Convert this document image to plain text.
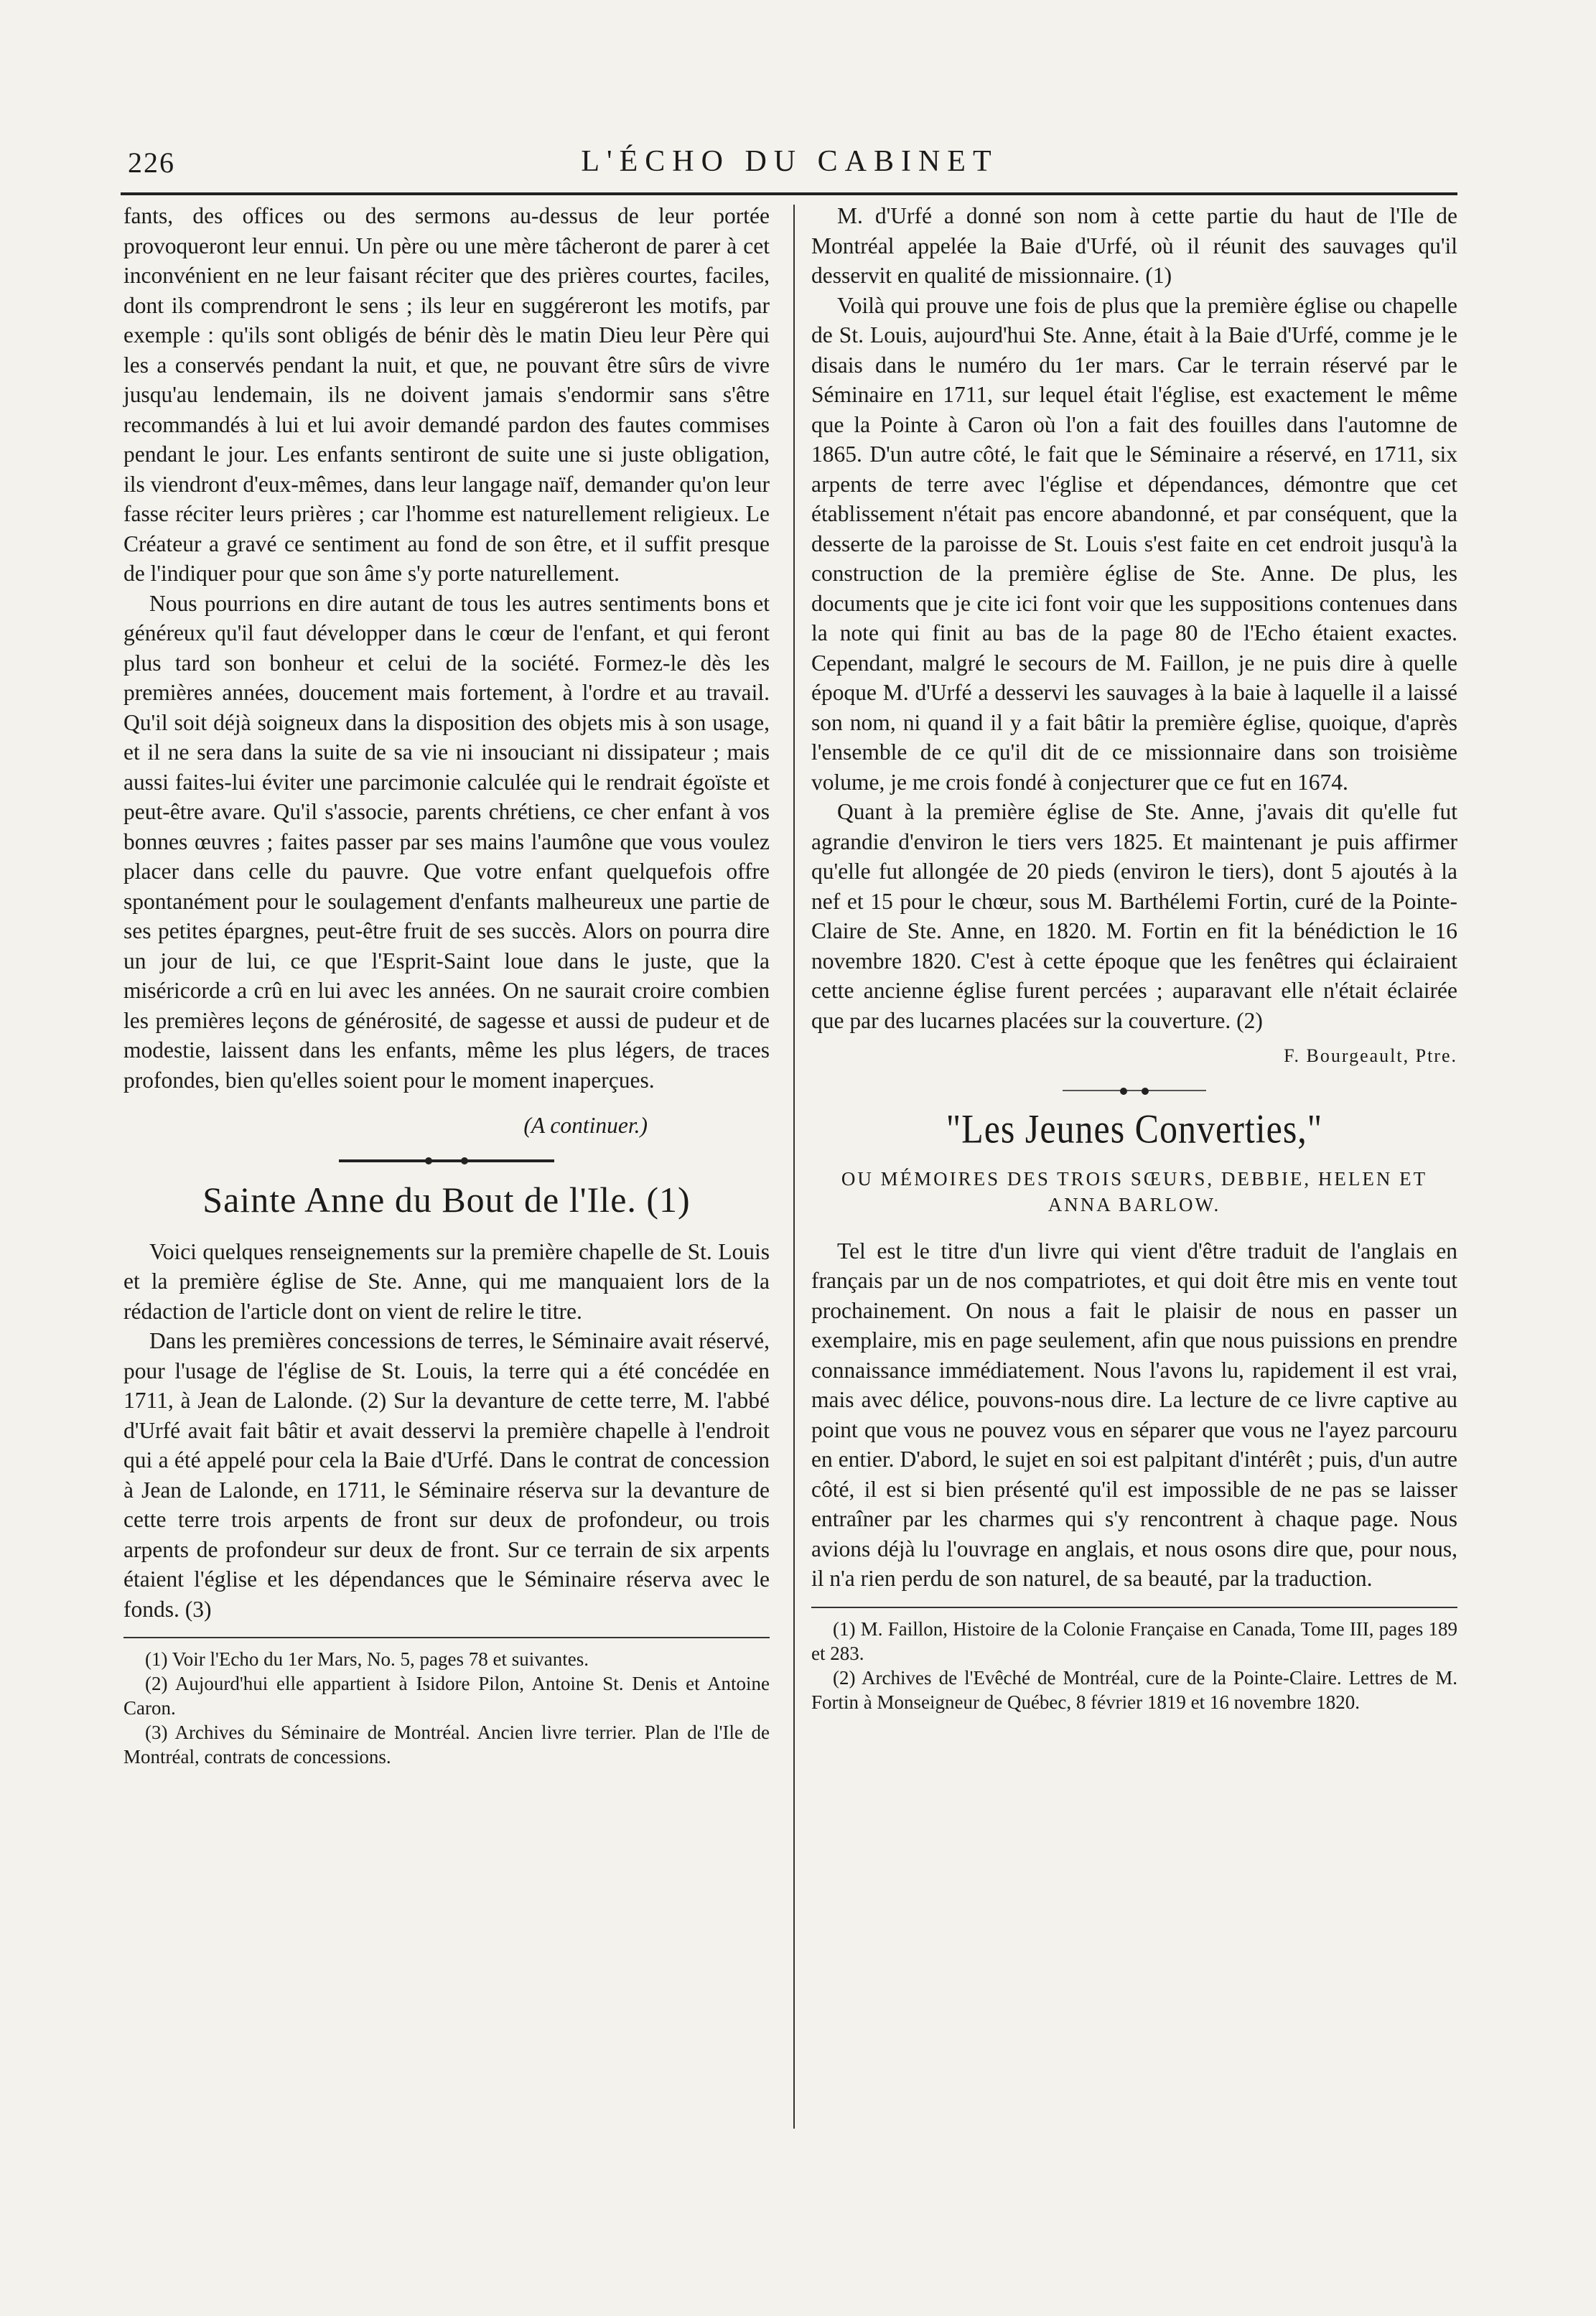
226	L'ÉCHO DU CABINET

fants, des offices ou des sermons au-dessus de leur portée provoqueront leur ennui. Un père ou une mère tâcheront de parer à cet inconvénient en ne leur faisant réciter que des prières courtes, faciles, dont ils comprendront le sens ; ils leur en suggéreront les motifs, par exemple : qu'ils sont obligés de bénir dès le matin Dieu leur Père qui les a conservés pendant la nuit, et que, ne pouvant être sûrs de vivre jusqu'au lendemain, ils ne doivent jamais s'endormir sans s'être recommandés à lui et lui avoir demandé pardon des fautes commises pendant le jour. Les enfants sentiront de suite une si juste obligation, ils viendront d'eux-mêmes, dans leur langage naïf, demander qu'on leur fasse réciter leurs prières ; car l'homme est naturellement religieux. Le Créateur a gravé ce sentiment au fond de son être, et il suffit presque de l'indiquer pour que son âme s'y porte naturellement.

Nous pourrions en dire autant de tous les autres sentiments bons et généreux qu'il faut développer dans le cœur de l'enfant, et qui feront plus tard son bonheur et celui de la société. Formez-le dès les premières années, doucement mais fortement, à l'ordre et au travail. Qu'il soit déjà soigneux dans la disposition des objets mis à son usage, et il ne sera dans la suite de sa vie ni insouciant ni dissipateur ; mais aussi faites-lui éviter une parcimonie calculée qui le rendrait égoïste et peut-être avare. Qu'il s'associe, parents chrétiens, ce cher enfant à vos bonnes œuvres ; faites passer par ses mains l'aumône que vous voulez placer dans celle du pauvre. Que votre enfant quelquefois offre spontanément pour le soulagement d'enfants malheureux une partie de ses petites épargnes, peut-être fruit de ses succès. Alors on pourra dire un jour de lui, ce que l'Esprit-Saint loue dans le juste, que la miséricorde a crû en lui avec les années. On ne saurait croire combien les premières leçons de générosité, de sagesse et aussi de pudeur et de modestie, laissent dans les enfants, même les plus légers, de traces profondes, bien qu'elles soient pour le moment inaperçues.

(A continuer.)
Sainte Anne du Bout de l'Ile. (1)

Voici quelques renseignements sur la première chapelle de St. Louis et la première église de Ste. Anne, qui me manquaient lors de la rédaction de l'article dont on vient de relire le titre.

Dans les premières concessions de terres, le Séminaire avait réservé, pour l'usage de l'église de St. Louis, la terre qui a été concédée en 1711, à Jean de Lalonde. (2) Sur la devanture de cette terre, M. l'abbé d'Urfé avait fait bâtir et avait desservi la première chapelle à l'endroit qui a été appelé pour cela la Baie d'Urfé. Dans le contrat de concession à Jean de Lalonde, en 1711, le Séminaire réserva sur la devanture de cette terre trois arpents de front sur deux de profondeur, ou trois arpents de profondeur sur deux de front. Sur ce terrain de six arpents étaient l'église et les dépendances que le Séminaire réserva avec le fonds. (3)

(1) Voir l'Echo du 1er Mars, No. 5, pages 78 et suivantes.

(2) Aujourd'hui elle appartient à Isidore Pilon, Antoine St. Denis et Antoine Caron.

(3) Archives du Séminaire de Montréal. Ancien livre terrier. Plan de l'Ile de Montréal, contrats de concessions.

M. d'Urfé a donné son nom à cette partie du haut de l'Ile de Montréal appelée la Baie d'Urfé, où il réunit des sauvages qu'il desservit en qualité de missionnaire. (1)

Voilà qui prouve une fois de plus que la première église ou chapelle de St. Louis, aujourd'hui Ste. Anne, était à la Baie d'Urfé, comme je le disais dans le numéro du 1er mars. Car le terrain réservé par le Séminaire en 1711, sur lequel était l'église, est exactement le même que la Pointe à Caron où l'on a fait des fouilles dans l'automne de 1865. D'un autre côté, le fait que le Séminaire a réservé, en 1711, six arpents de terre avec l'église et dépendances, démontre que cet établissement n'était pas encore abandonné, et par conséquent, que la desserte de la paroisse de St. Louis s'est faite en cet endroit jusqu'à la construction de la première église de Ste. Anne. De plus, les documents que je cite ici font voir que les suppositions contenues dans la note qui finit au bas de la page 80 de l'Echo étaient exactes. Cependant, malgré le secours de M. Faillon, je ne puis dire à quelle époque M. d'Urfé a desservi les sauvages à la baie à laquelle il a laissé son nom, ni quand il y a fait bâtir la première église, quoique, d'après l'ensemble de ce qu'il dit de ce missionnaire dans son troisième volume, je me crois fondé à conjecturer que ce fut en 1674.

Quant à la première église de Ste. Anne, j'avais dit qu'elle fut agrandie d'environ le tiers vers 1825. Et maintenant je puis affirmer qu'elle fut allongée de 20 pieds (environ le tiers), dont 5 ajoutés à la nef et 15 pour le chœur, sous M. Barthélemi Fortin, curé de la Pointe-Claire de Ste. Anne, en 1820. M. Fortin en fit la bénédiction le 16 novembre 1820. C'est à cette époque que les fenêtres qui éclairaient cette ancienne église furent percées ; auparavant elle n'était éclairée que par des lucarnes placées sur la couverture. (2)

F. Bourgeault, Ptre.
"Les Jeunes Converties,"
OU MÉMOIRES DES TROIS SŒURS, DEBBIE, HELEN ET ANNA BARLOW.

Tel est le titre d'un livre qui vient d'être traduit de l'anglais en français par un de nos compatriotes, et qui doit être mis en vente tout prochainement. On nous a fait le plaisir de nous en passer un exemplaire, mis en page seulement, afin que nous puissions en prendre connaissance immédiatement. Nous l'avons lu, rapidement il est vrai, mais avec délice, pouvons-nous dire. La lecture de ce livre captive au point que vous ne pouvez vous en séparer que vous ne l'ayez parcouru en entier. D'abord, le sujet en soi est palpitant d'intérêt ; puis, d'un autre côté, il est si bien présenté qu'il est impossible de ne pas se laisser entraîner par les charmes qui s'y rencontrent à chaque page. Nous avions déjà lu l'ouvrage en anglais, et nous osons dire que, pour nous, il n'a rien perdu de son naturel, de sa beauté, par la traduction.

(1) M. Faillon, Histoire de la Colonie Française en Canada, Tome III, pages 189 et 283.

(2) Archives de l'Evêché de Montréal, cure de la Pointe-Claire. Lettres de M. Fortin à Monseigneur de Québec, 8 février 1819 et 16 novembre 1820.
